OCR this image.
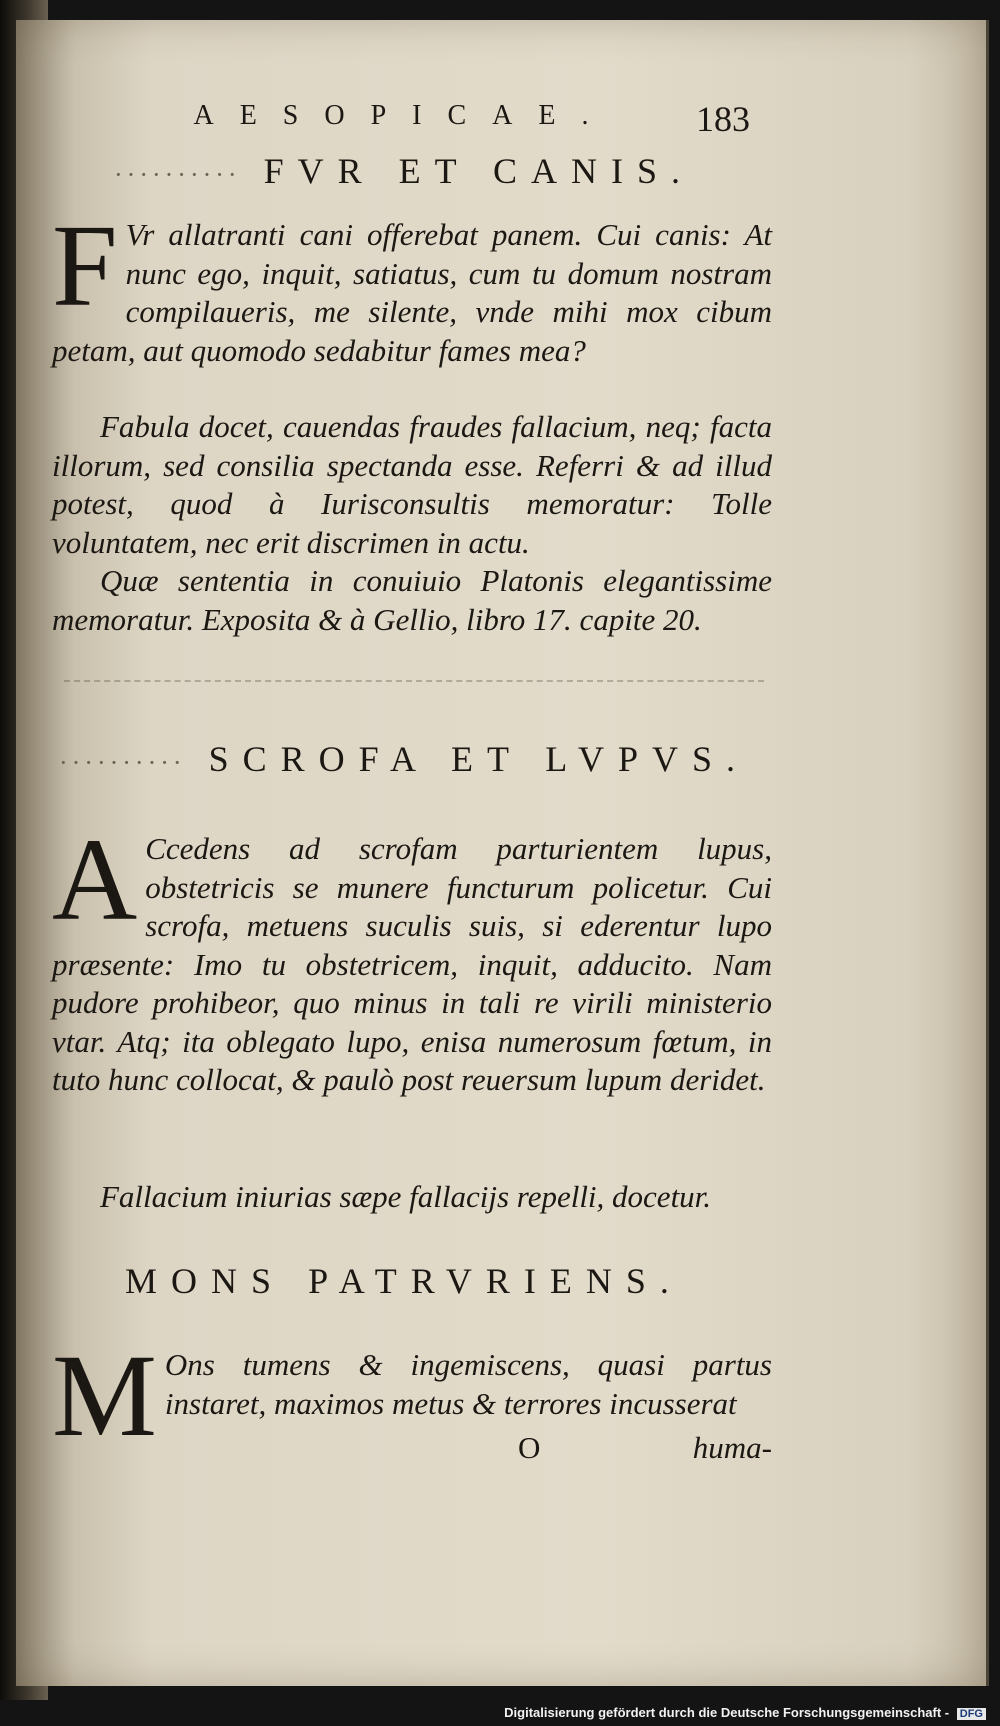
AESOPICAE.	183
·········· FVR ET CANIS.
F Vr allatranti cani offerebat panem. Cui canis: At nunc ego, inquit, satiatus, cum tu domum nostram compilaueris, me silente, vnde mihi mox cibum petam, aut quomodo sedabitur fames mea?
Fabula docet, cauendas fraudes fallacium, neq; facta illorum, sed consilia spectanda esse. Referri & ad illud potest, quod à Iurisconsultis memoratur: Tolle voluntatem, nec erit discrimen in actu.
Quæ sententia in conuiuio Platonis elegantissime memoratur. Exposita & à Gellio, libro 17. capite 20.
·········· SCROFA ET LVPVS.
A Ccedens ad scrofam parturientem lupus, obstetricis se munere functurum policetur. Cui scrofa, metuens suculis suis, si ederentur lupo præsente: Imo tu obstetricem, inquit, adducito. Nam pudore prohibeor, quo minus in tali re virili ministerio vtar. Atq; ita oblegato lupo, enisa numerosum fœtum, in tuto hunc collocat, & paulò post reuersum lupum deridet.
Fallacium iniurias sæpe fallacijs repelli, docetur.
MONS PATRVRIENS.
M Ons tumens & ingemiscens, quasi partus instaret, maximos metus & terrores incusserat
O	huma-
Digitalisierung gefördert durch die Deutsche Forschungsgemeinschaft - DFG
